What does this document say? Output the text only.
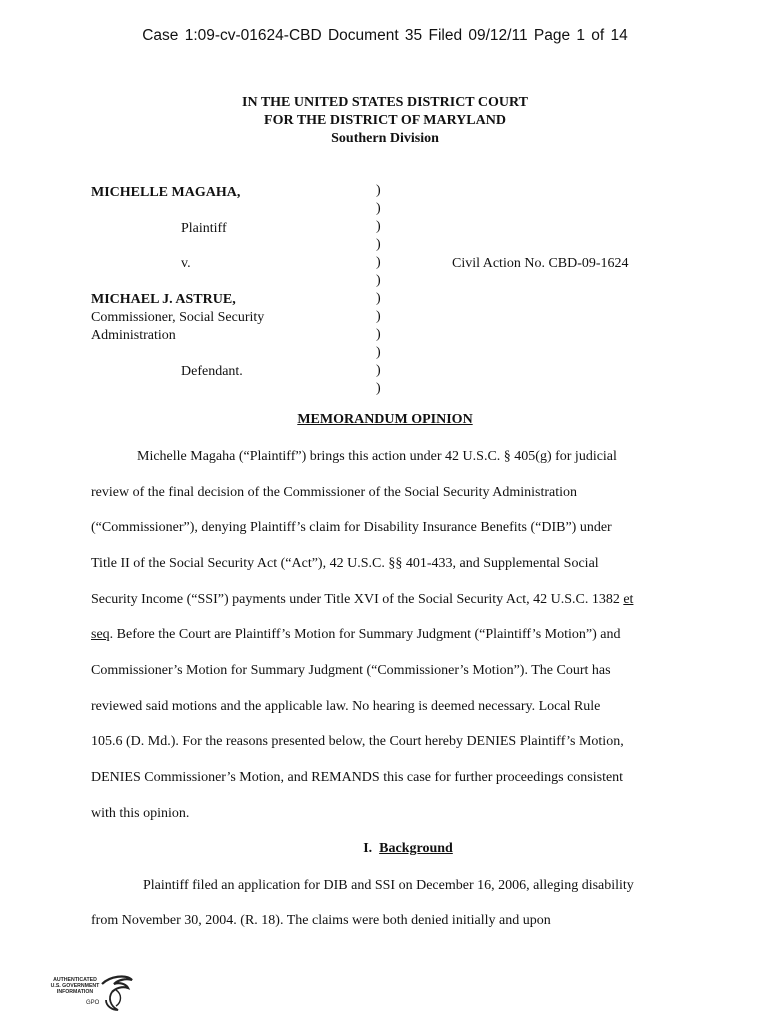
Case 1:09-cv-01624-CBD Document 35 Filed 09/12/11 Page 1 of 14
IN THE UNITED STATES DISTRICT COURT
FOR THE DISTRICT OF MARYLAND
Southern Division
MICHELLE MAGAHA,
Plaintiff
v.
MICHAEL J. ASTRUE,
Commissioner, Social Security
Administration
Defendant.
)
)
)
)
)
)
)
)
)
)
)
)
Civil Action No. CBD-09-1624
MEMORANDUM OPINION
Michelle Magaha (“Plaintiff”) brings this action under 42 U.S.C. § 405(g) for judicial
review of the final decision of the Commissioner of the Social Security Administration
(“Commissioner”), denying Plaintiff’s claim for Disability Insurance Benefits (“DIB”) under
Title II of the Social Security Act (“Act”), 42 U.S.C. §§ 401-433, and Supplemental Social
Security Income (“SSI”) payments under Title XVI of the Social Security Act, 42 U.S.C. 1382 et
seq. Before the Court are Plaintiff’s Motion for Summary Judgment (“Plaintiff’s Motion”) and
Commissioner’s Motion for Summary Judgment (“Commissioner’s Motion”). The Court has
reviewed said motions and the applicable law. No hearing is deemed necessary. Local Rule
105.6 (D. Md.). For the reasons presented below, the Court hereby DENIES Plaintiff’s Motion,
DENIES Commissioner’s Motion, and REMANDS this case for further proceedings consistent
with this opinion.
I. Background
Plaintiff filed an application for DIB and SSI on December 16, 2006, alleging disability
from November 30, 2004. (R. 18). The claims were both denied initially and upon
AUTHENTICATED
U.S. GOVERNMENT
INFORMATION
GPO
